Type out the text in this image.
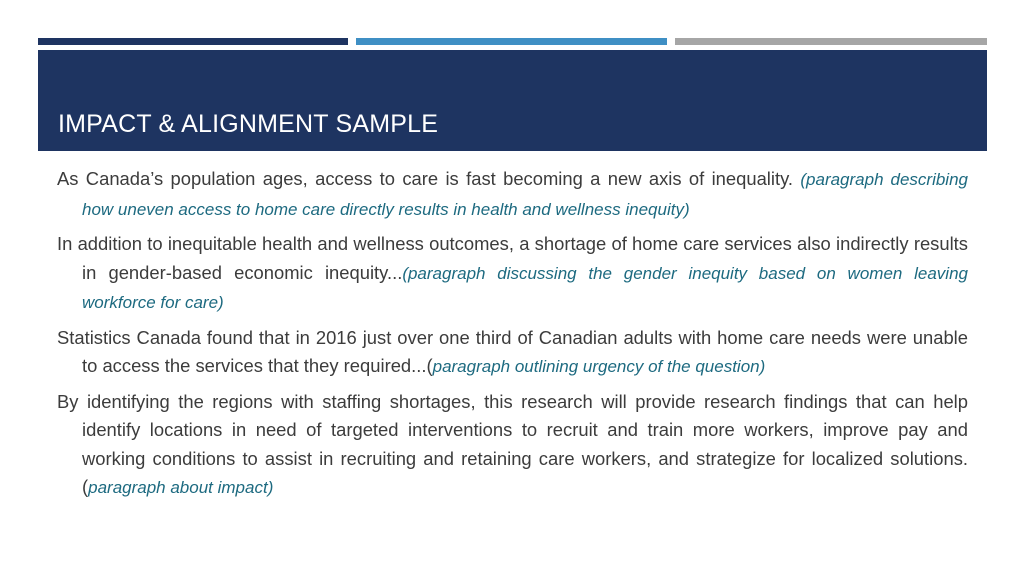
IMPACT & ALIGNMENT SAMPLE

As Canada’s population ages, access to care is fast becoming a new axis of inequality. (paragraph describing how uneven access to home care directly results in health and wellness inequity)

In addition to inequitable health and wellness outcomes, a shortage of home care services also indirectly results in gender-based economic inequity...(paragraph discussing the gender inequity based on women leaving workforce for care)

Statistics Canada found that in 2016 just over one third of Canadian adults with home care needs were unable to access the services that they required...(paragraph outlining urgency of the question)

By identifying the regions with staffing shortages, this research will provide research findings that can help identify locations in need of targeted interventions to recruit and train more workers, improve pay and working conditions to assist in recruiting and retaining care workers, and strategize for localized solutions. (paragraph about impact)
